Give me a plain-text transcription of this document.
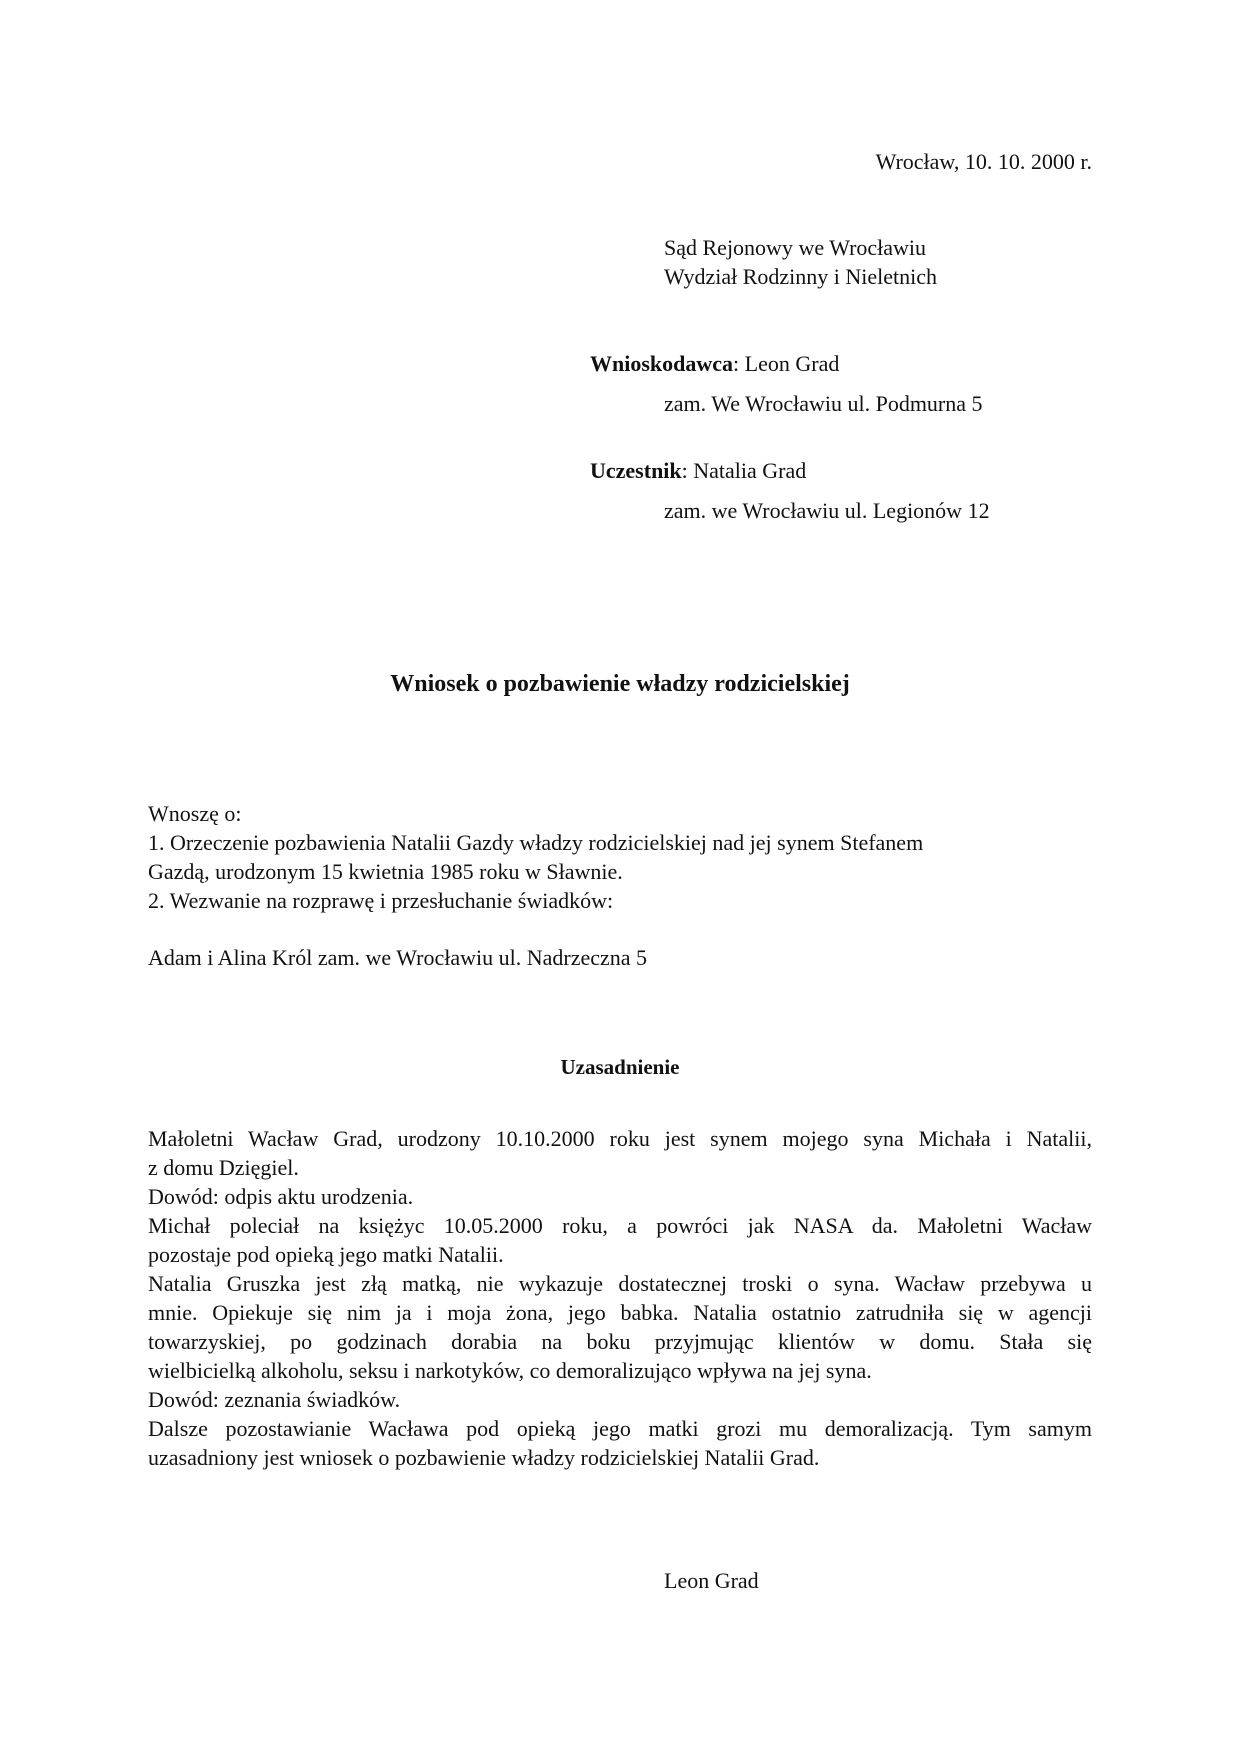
Wrocław, 10. 10. 2000 r.
Sąd Rejonowy we Wrocławiu
Wydział Rodzinny i Nieletnich
Wnioskodawca: Leon Grad
zam. We Wrocławiu ul. Podmurna 5
Uczestnik: Natalia Grad
zam. we Wrocławiu ul. Legionów 12
Wniosek o pozbawienie władzy rodzicielskiej
Wnoszę o:
1. Orzeczenie pozbawienia Natalii Gazdy władzy rodzicielskiej nad jej synem Stefanem
Gazdą, urodzonym 15 kwietnia 1985 roku w Sławnie.
2. Wezwanie na rozprawę i przesłuchanie świadków:
Adam i Alina Król zam. we Wrocławiu ul. Nadrzeczna 5
Uzasadnienie
Małoletni Wacław Grad, urodzony 10.10.2000 roku jest synem mojego syna Michała i Natalii,
z domu Dzięgiel.
Dowód: odpis aktu urodzenia.
Michał poleciał na księżyc 10.05.2000 roku, a powróci jak NASA da. Małoletni Wacław
pozostaje pod opieką jego matki Natalii.
Natalia Gruszka jest złą matką, nie wykazuje dostatecznej troski o syna. Wacław przebywa u
mnie. Opiekuje się nim ja i moja żona, jego babka. Natalia ostatnio zatrudniła się w agencji
towarzyskiej, po godzinach dorabia na boku przyjmując klientów w domu. Stała się
wielbicielką alkoholu, seksu i narkotyków, co demoralizująco wpływa na jej syna.
Dowód: zeznania świadków.
Dalsze pozostawianie Wacława pod opieką jego matki grozi mu demoralizacją. Tym samym
uzasadniony jest wniosek o pozbawienie władzy rodzicielskiej Natalii Grad.
Leon Grad
